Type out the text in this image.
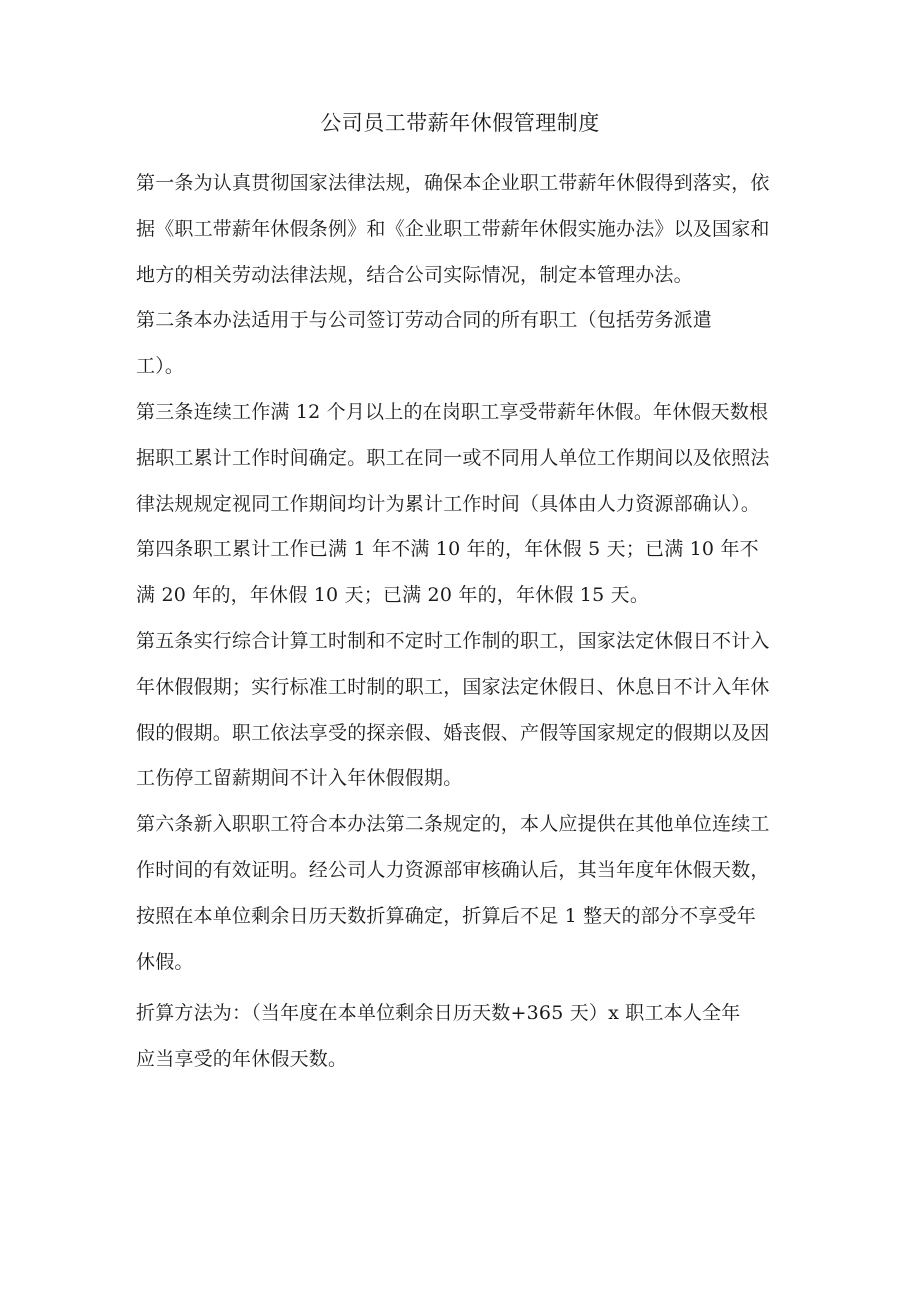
公司员工带薪年休假管理制度
第一条为认真贯彻国家法律法规，确保本企业职工带薪年休假得到落实，依
据《职工带薪年休假条例》和《企业职工带薪年休假实施办法》以及国家和
地方的相关劳动法律法规，结合公司实际情况，制定本管理办法。
第二条本办法适用于与公司签订劳动合同的所有职工（包括劳务派遣
工）。
第三条连续工作满 12 个月以上的在岗职工享受带薪年休假。年休假天数根
据职工累计工作时间确定。职工在同一或不同用人单位工作期间以及依照法
律法规规定视同工作期间均计为累计工作时间（具体由人力资源部确认）。
第四条职工累计工作已满 1 年不满 10 年的，年休假 5 天；已满 10 年不
满 20 年的，年休假 10 天；已满 20 年的，年休假 15 天。
第五条实行综合计算工时制和不定时工作制的职工，国家法定休假日不计入
年休假假期；实行标准工时制的职工，国家法定休假日、休息日不计入年休
假的假期。职工依法享受的探亲假、婚丧假、产假等国家规定的假期以及因
工伤停工留薪期间不计入年休假假期。
第六条新入职职工符合本办法第二条规定的，本人应提供在其他单位连续工
作时间的有效证明。经公司人力资源部审核确认后，其当年度年休假天数，
按照在本单位剩余日历天数折算确定，折算后不足 1 整天的部分不享受年
休假。
折算方法为：（当年度在本单位剩余日历天数+365 天）x 职工本人全年
应当享受的年休假天数。
